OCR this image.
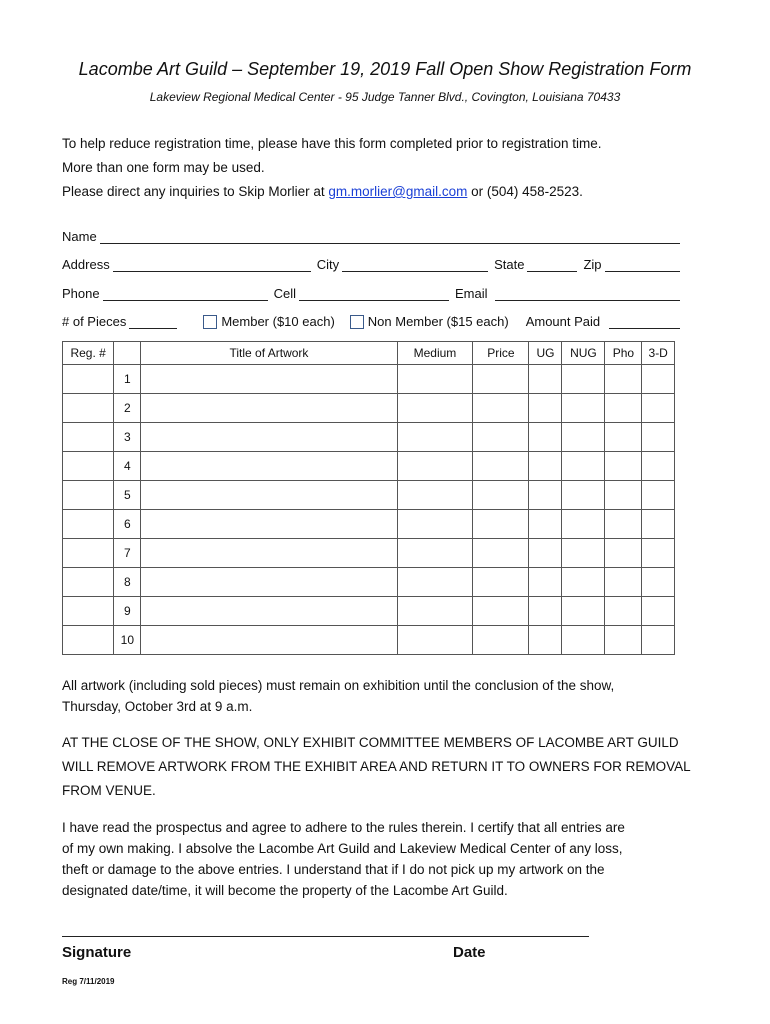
Lacombe Art Guild – September 19, 2019 Fall Open Show Registration Form
Lakeview Regional Medical Center - 95 Judge Tanner Blvd., Covington, Louisiana 70433
To help reduce registration time, please have this form completed prior to registration time.
More than one form may be used.
Please direct any inquiries to Skip Morlier at gm.morlier@gmail.com or (504) 458-2523.
Name
Address	City	State	Zip
Phone	Cell	Email
# of Pieces	Member ($10 each)	Non Member ($15 each) Amount Paid
Reg. #		Title of Artwork	Medium	Price	UG	NUG	Pho	3-D
	1							
	2							
	3							
	4							
	5							
	6							
	7							
	8							
	9							
	10							
All artwork (including sold pieces) must remain on exhibition until the conclusion of the show,
Thursday, October 3rd at 9 a.m.
AT THE CLOSE OF THE SHOW, ONLY EXHIBIT COMMITTEE MEMBERS OF LACOMBE ART GUILD
WILL REMOVE ARTWORK FROM THE EXHIBIT AREA AND RETURN IT TO OWNERS FOR REMOVAL
FROM VENUE.
I have read the prospectus and agree to adhere to the rules therein. I certify that all entries are
of my own making. I absolve the Lacombe Art Guild and Lakeview Medical Center of any loss,
theft or damage to the above entries. I understand that if I do not pick up my artwork on the
designated date/time, it will become the property of the Lacombe Art Guild.
Signature	Date
Reg 7/11/2019
